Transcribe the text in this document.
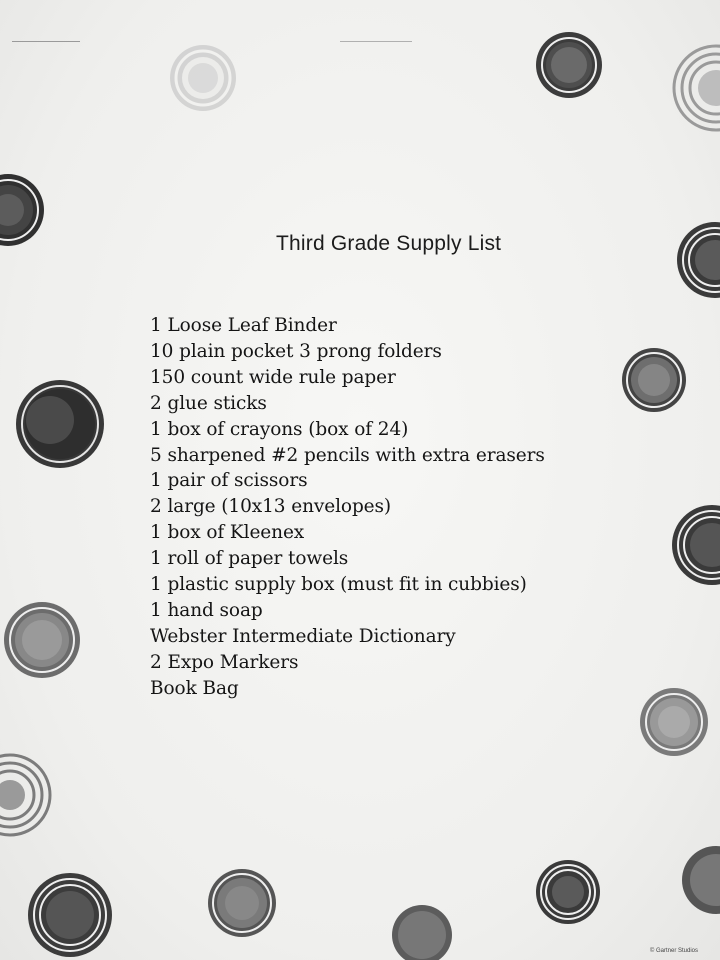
Third Grade Supply List
1 Loose Leaf Binder
10 plain pocket 3 prong folders
150 count wide rule paper
2 glue sticks
1 box of crayons (box of 24)
5 sharpened #2 pencils with extra erasers
1 pair of scissors
2 large (10x13 envelopes)
1 box of Kleenex
1 roll of paper towels
1 plastic supply box (must fit in cubbies)
1 hand soap
Webster Intermediate Dictionary
2 Expo Markers
Book Bag
© Gartner Studios
